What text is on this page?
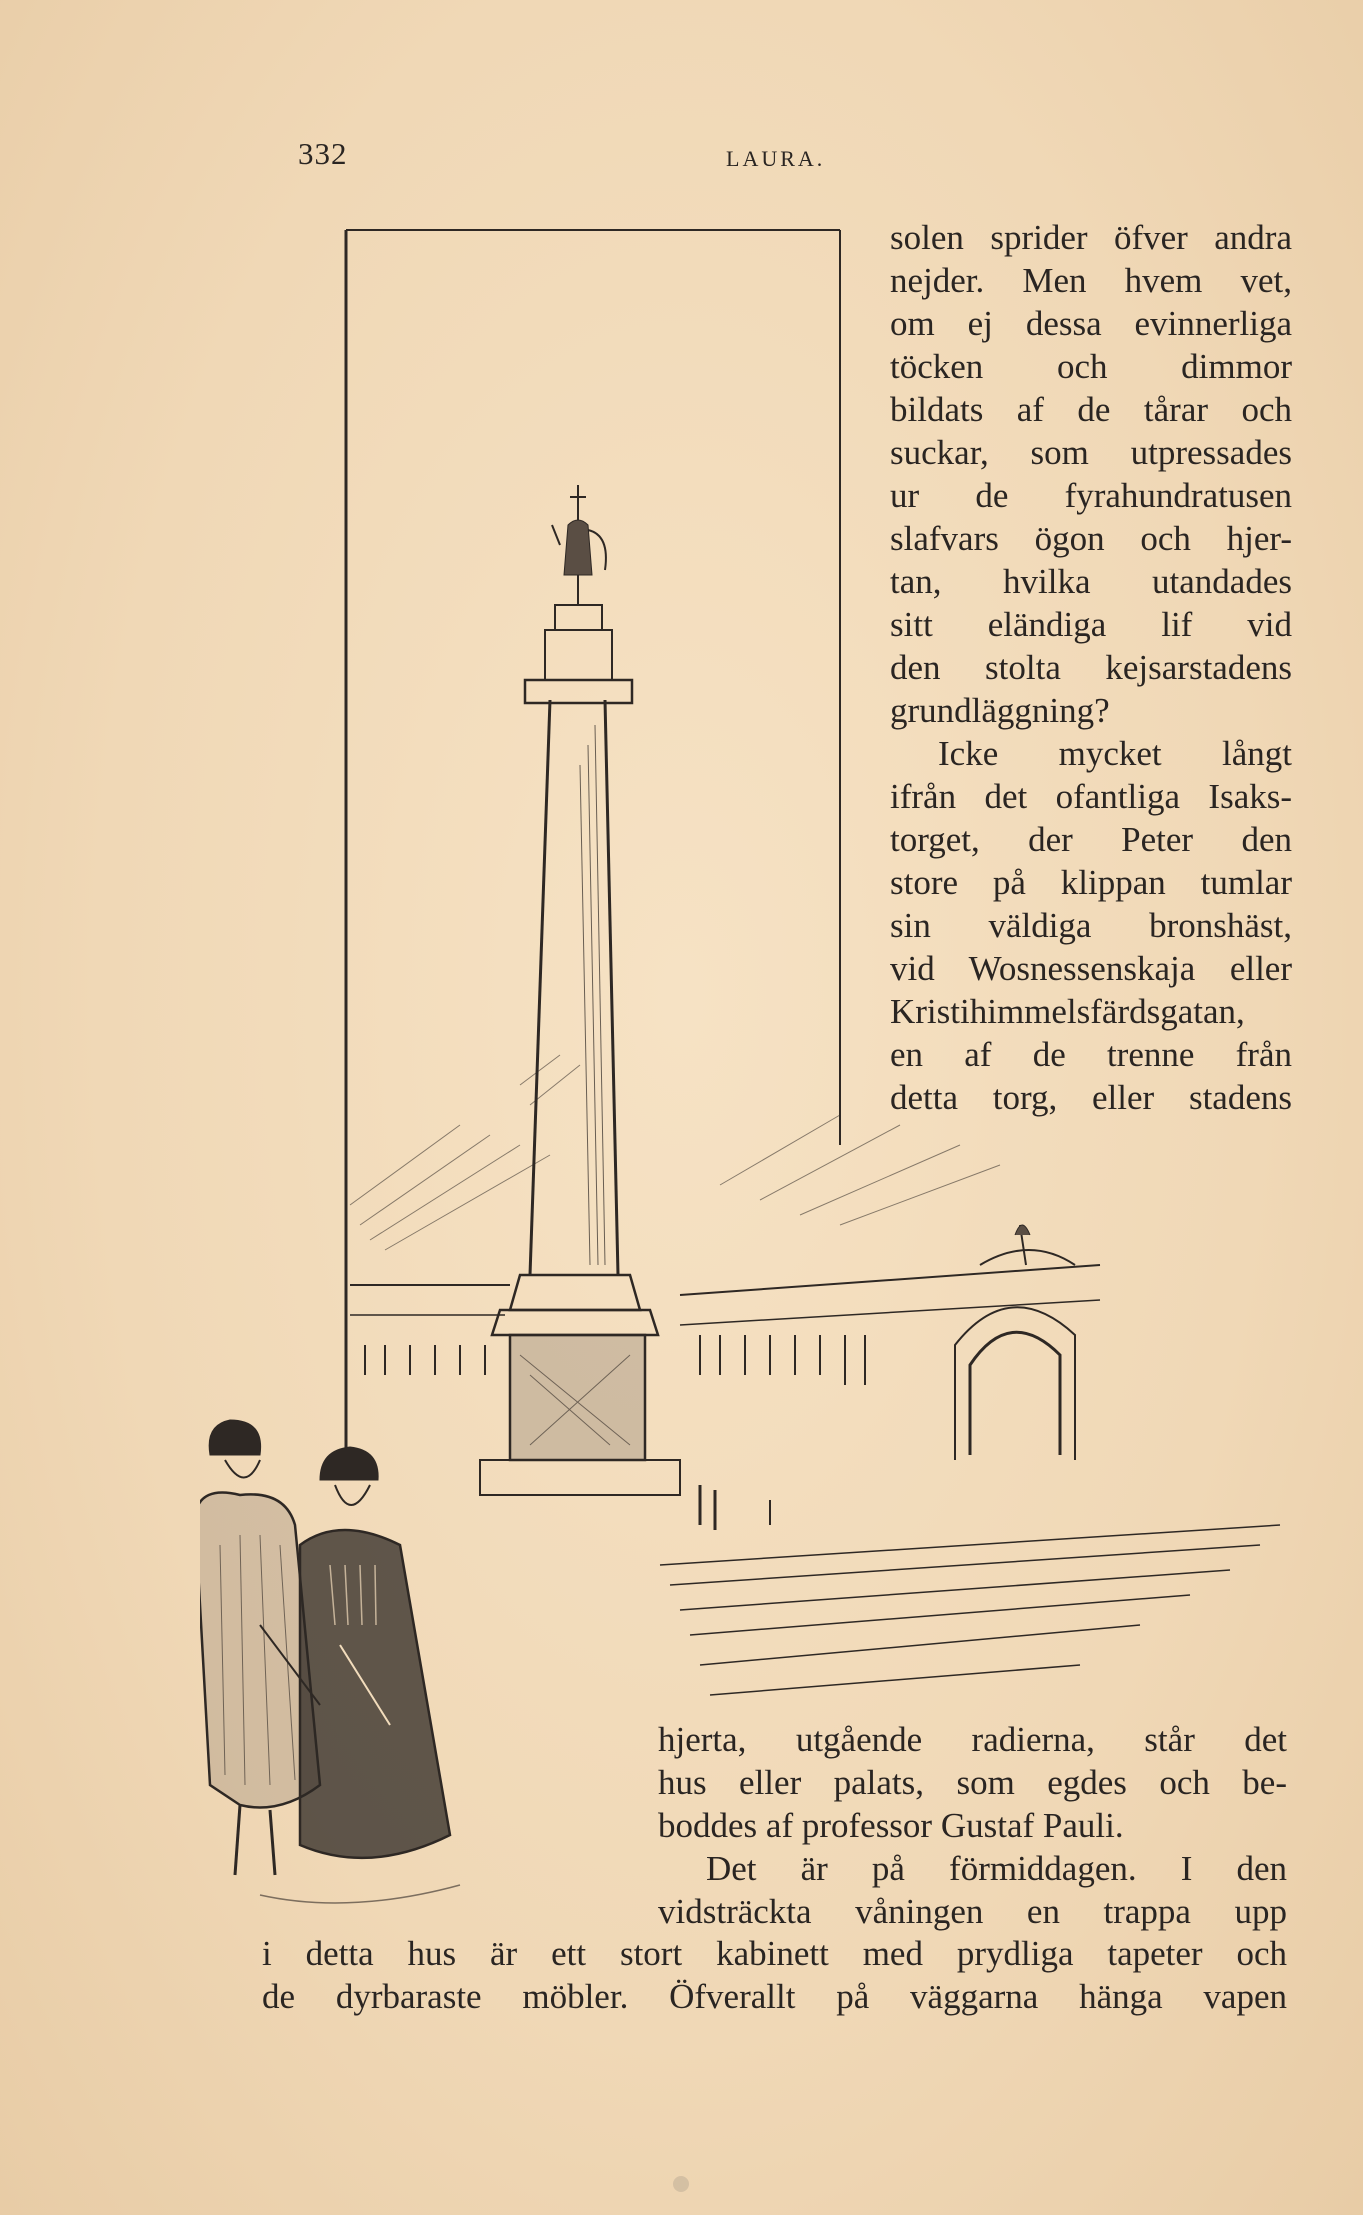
332	LAURA.
solen sprider öfver andra
nejder. Men hvem vet,
om ej dessa evinnerliga
töcken och dimmor
bildats af de tårar och
suckar, som utpressades
ur de fyrahundratusen
slafvars ögon och hjer-
tan, hvilka utandades
sitt eländiga lif vid
den stolta kejsarstadens
grundläggning?
Icke mycket långt
ifrån det ofantliga Isaks-
torget, der Peter den
store på klippan tumlar
sin väldiga bronshäst,
vid Wosnessenskaja eller
Kristihimmelsfärdsgatan,
en af de trenne från
detta torg, eller stadens
hjerta, utgående radierna, står det
hus eller palats, som egdes och be-
boddes af professor Gustaf Pauli.
Det är på förmiddagen. I den
vidsträckta våningen en trappa upp
i detta hus är ett stort kabinett med prydliga tapeter och
de dyrbaraste möbler. Öfverallt på väggarna hänga vapen
